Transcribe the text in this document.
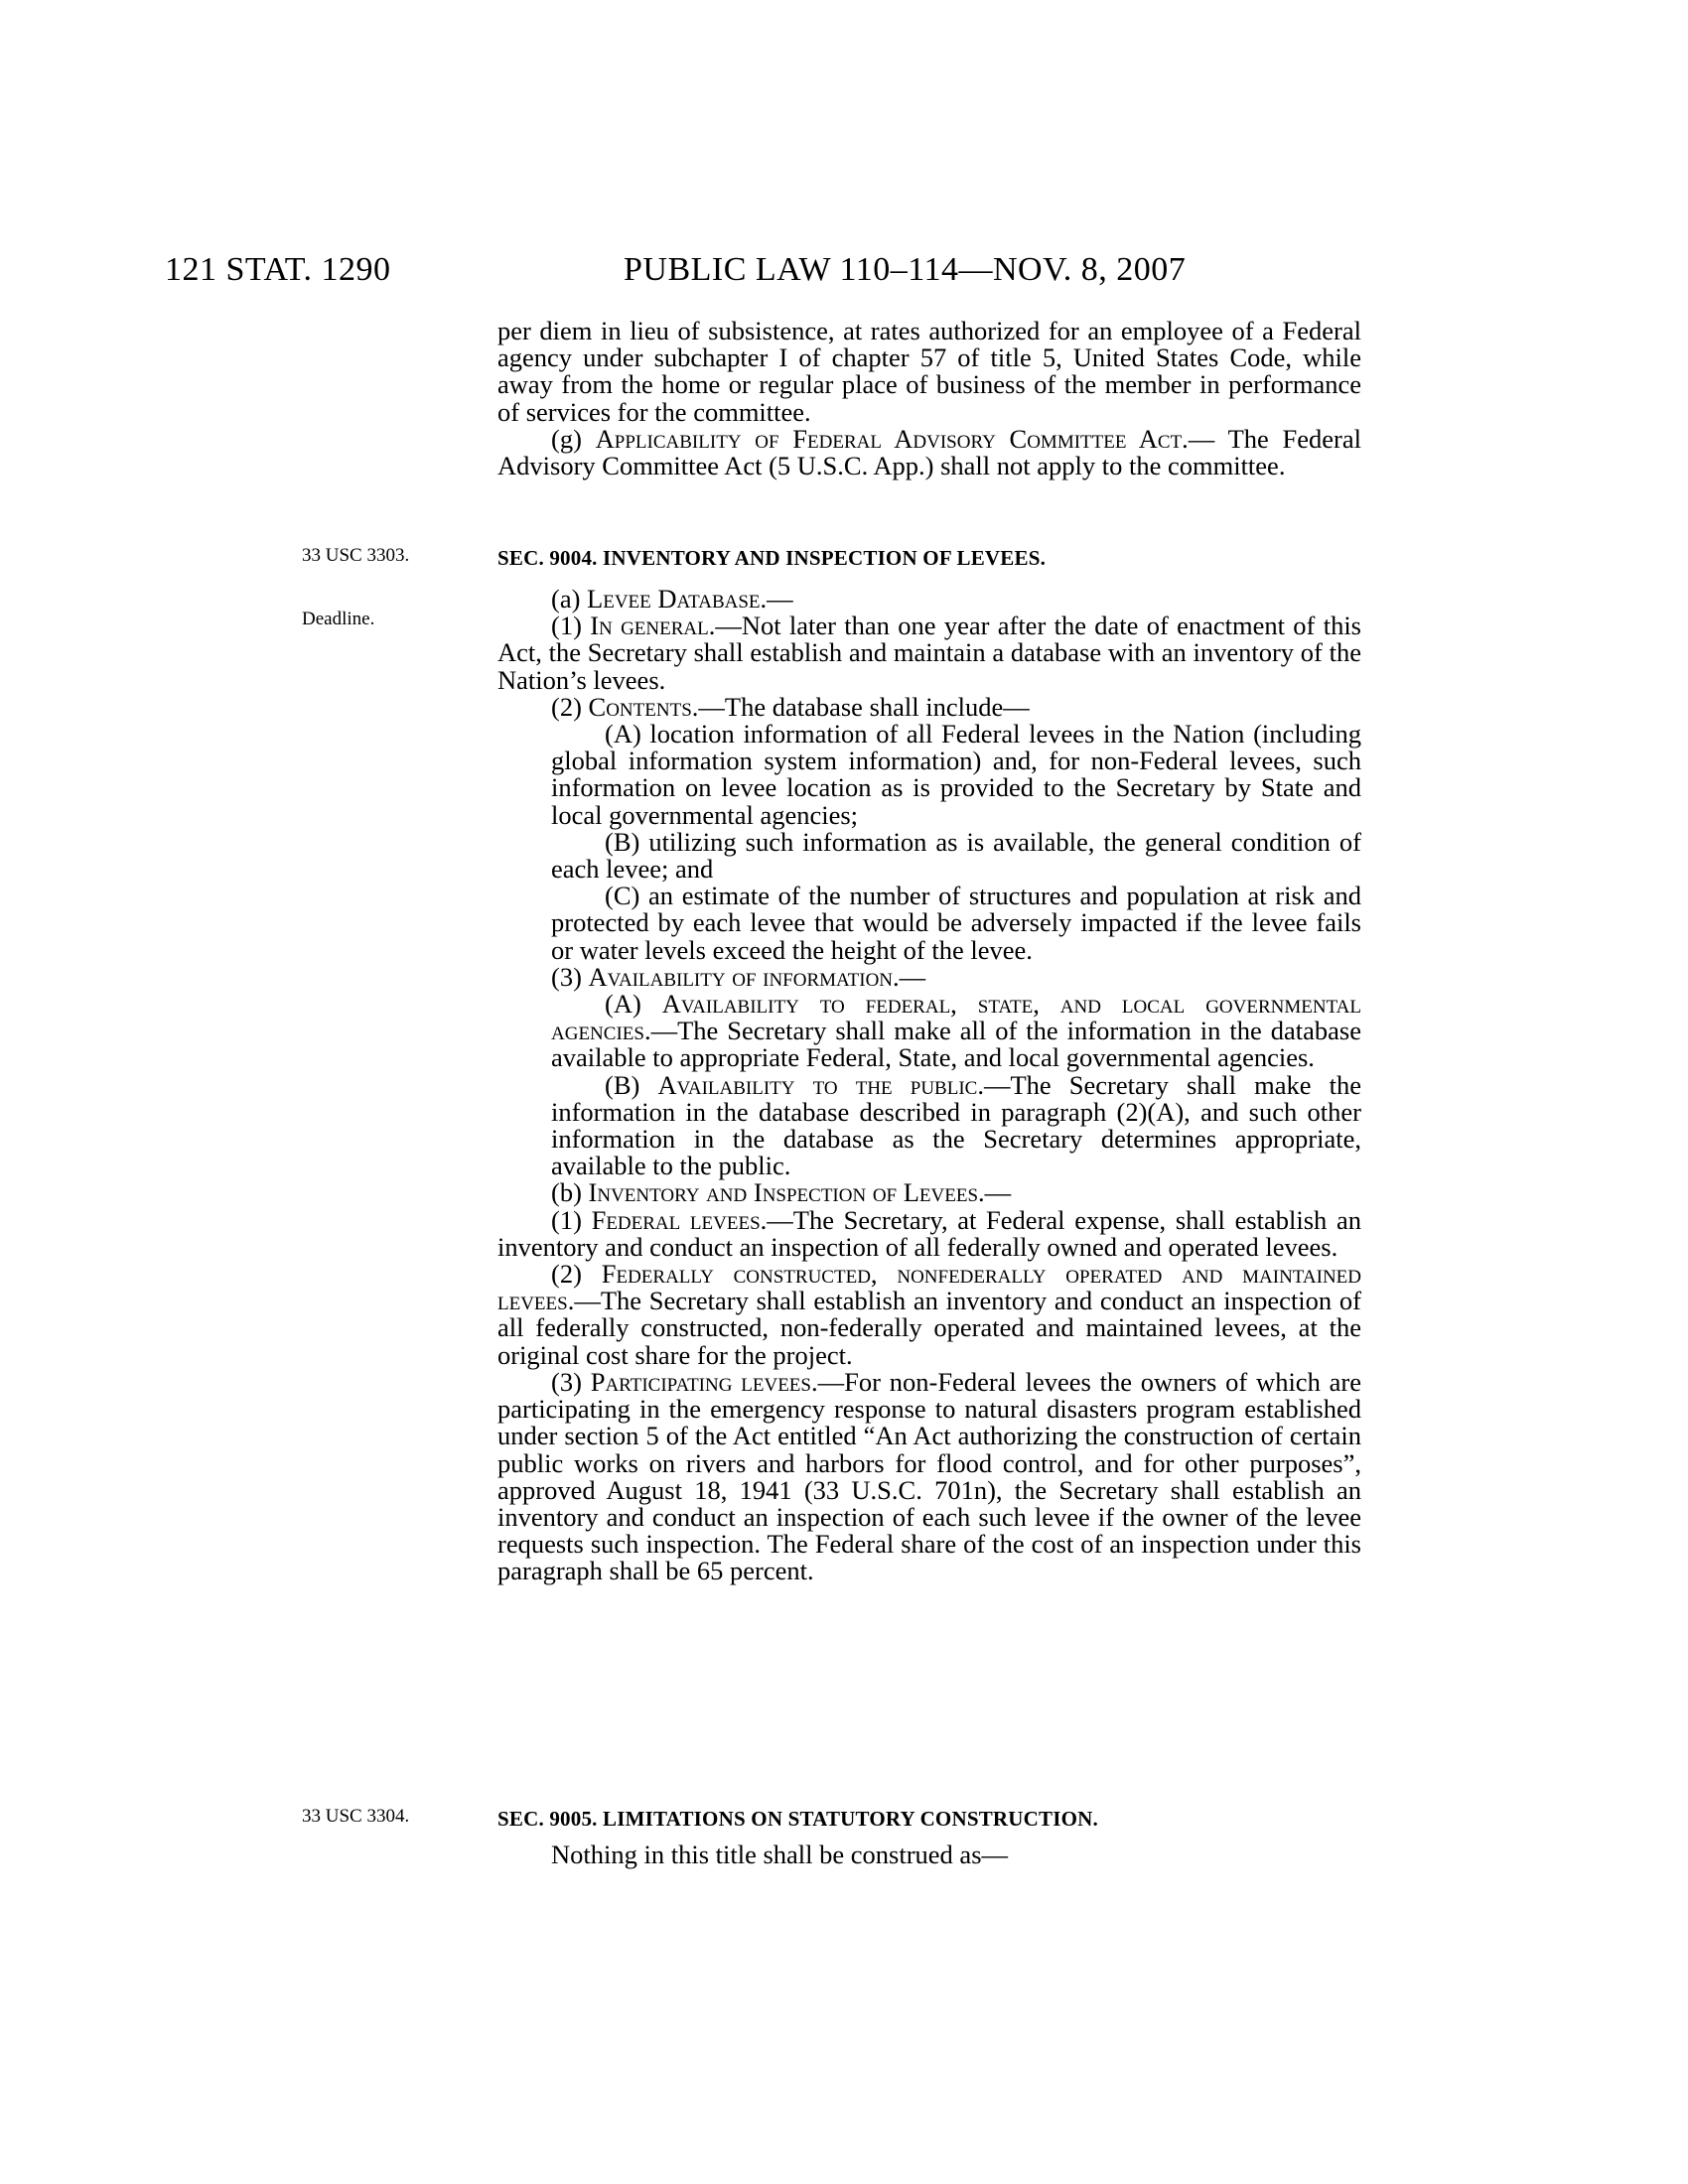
121 STAT. 1290	PUBLIC LAW 110–114—NOV. 8, 2007
33 USC 3303.
Deadline.
33 USC 3304.

per diem in lieu of subsistence, at rates authorized for an employee of a Federal agency under subchapter I of chapter 57 of title 5, United States Code, while away from the home or regular place of business of the member in performance of services for the committee.

(g) Applicability of Federal Advisory Committee Act.— The Federal Advisory Committee Act (5 U.S.C. App.) shall not apply to the committee.

SEC. 9004. INVENTORY AND INSPECTION OF LEVEES.

(a) Levee Database.—

(1) In general.—Not later than one year after the date of enactment of this Act, the Secretary shall establish and maintain a database with an inventory of the Nation’s levees.

(2) Contents.—The database shall include—

(A) location information of all Federal levees in the Nation (including global information system information) and, for non-Federal levees, such information on levee location as is provided to the Secretary by State and local governmental agencies;

(B) utilizing such information as is available, the general condition of each levee; and

(C) an estimate of the number of structures and population at risk and protected by each levee that would be adversely impacted if the levee fails or water levels exceed the height of the levee.

(3) Availability of information.—

(A) Availability to federal, state, and local governmental agencies.—The Secretary shall make all of the information in the database available to appropriate Federal, State, and local governmental agencies.

(B) Availability to the public.—The Secretary shall make the information in the database described in paragraph (2)(A), and such other information in the database as the Secretary determines appropriate, available to the public.

(b) Inventory and Inspection of Levees.—

(1) Federal levees.—The Secretary, at Federal expense, shall establish an inventory and conduct an inspection of all federally owned and operated levees.

(2) Federally constructed, nonfederally operated and maintained levees.—The Secretary shall establish an inventory and conduct an inspection of all federally constructed, non-federally operated and maintained levees, at the original cost share for the project.

(3) Participating levees.—For non-Federal levees the owners of which are participating in the emergency response to natural disasters program established under section 5 of the Act entitled “An Act authorizing the construction of certain public works on rivers and harbors for flood control, and for other purposes”, approved August 18, 1941 (33 U.S.C. 701n), the Secretary shall establish an inventory and conduct an inspection of each such levee if the owner of the levee requests such inspection. The Federal share of the cost of an inspection under this paragraph shall be 65 percent.

SEC. 9005. LIMITATIONS ON STATUTORY CONSTRUCTION.

Nothing in this title shall be construed as—
